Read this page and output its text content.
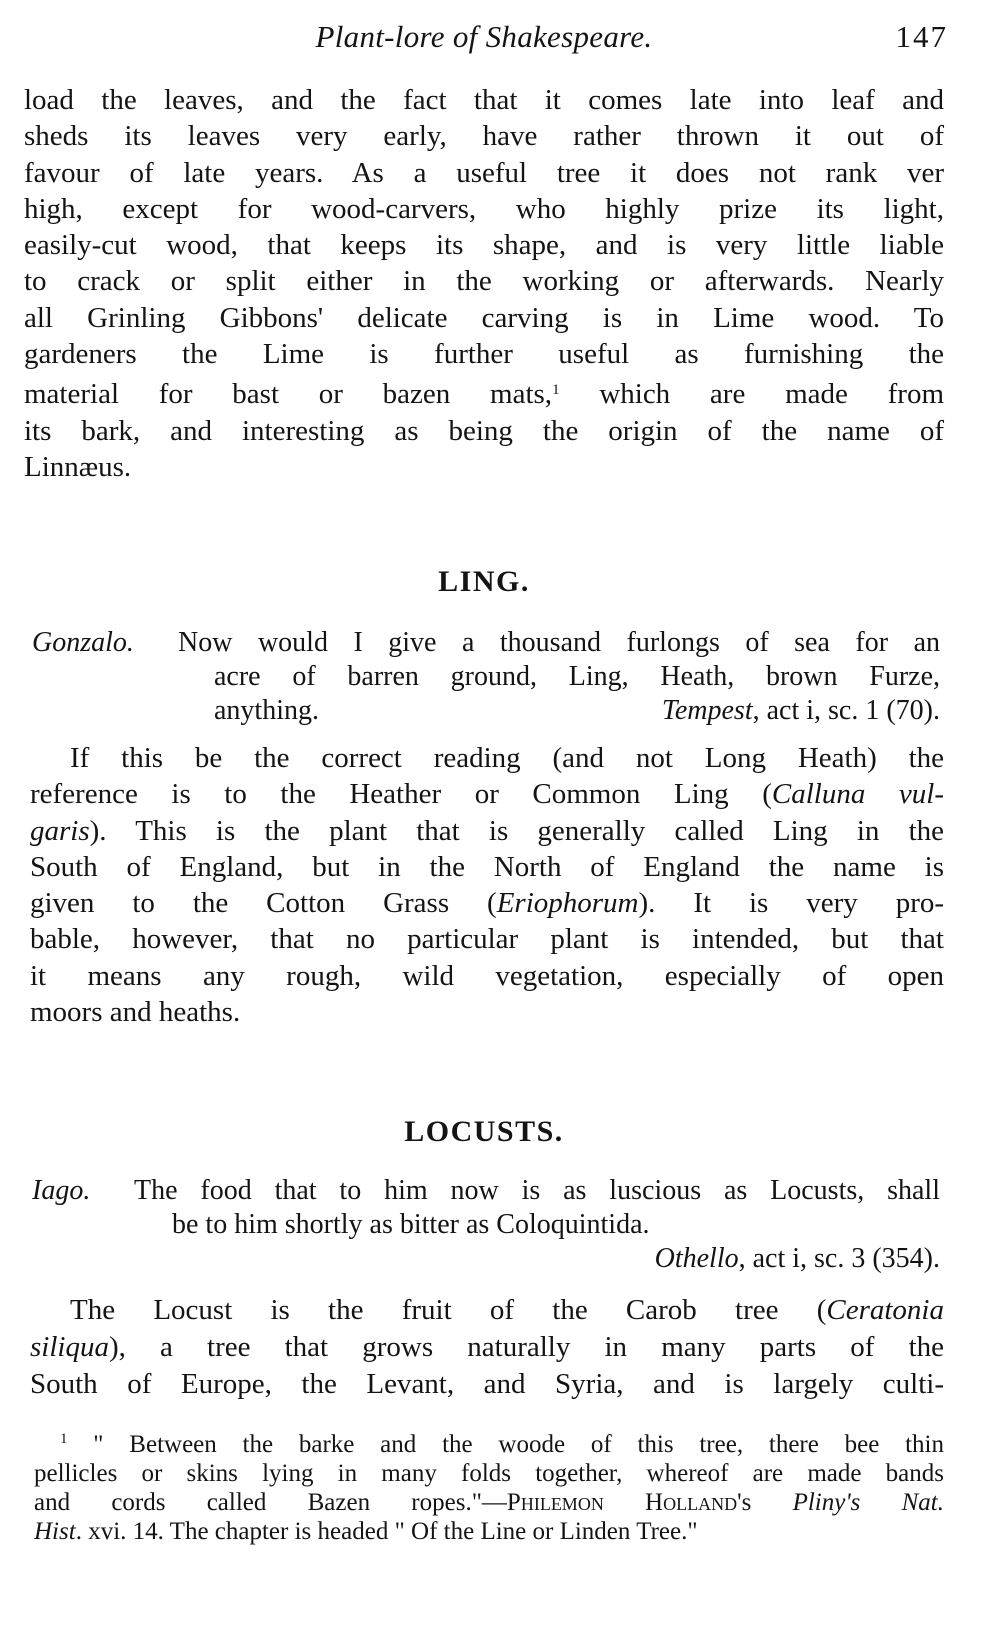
Plant-lore of Shakespeare.	147

load the leaves, and the fact that it comes late into leaf and
sheds its leaves very early, have rather thrown it out of
favour of late years. As a useful tree it does not rank ver
high, except for wood-carvers, who highly prize its light,
easily-cut wood, that keeps its shape, and is very little liable
to crack or split either in the working or afterwards. Nearly
all Grinling Gibbons' delicate carving is in Lime wood. To
gardeners the Lime is further useful as furnishing the
material for bast or bazen mats,$^1$ which are made from
its bark, and interesting as being the origin of the name of
Linnæus.

LING.
Gonzalo. Now would I give a thousand furlongs of sea for an
acre of barren ground, Ling, Heath, brown Furze,
anything.	Tempest, act i, sc. 1 (70).

If this be the correct reading (and not Long Heath) the
reference is to the Heather or Common Ling (Calluna vul-
garis). This is the plant that is generally called Ling in the
South of England, but in the North of England the name is
given to the Cotton Grass (Eriophorum). It is very pro-
bable, however, that no particular plant is intended, but that
it means any rough, wild vegetation, especially of open
moors and heaths.

LOCUSTS.
Iago. The food that to him now is as luscious as Locusts, shall
be to him shortly as bitter as Coloquintida.
Othello, act i, sc. 3 (354).

The Locust is the fruit of the Carob tree (Ceratonia
siliqua), a tree that grows naturally in many parts of the
South of Europe, the Levant, and Syria, and is largely culti-

$^1$ " Between the barke and the woode of this tree, there bee thin
pellicles or skins lying in many folds together, whereof are made bands
and cords called Bazen ropes."—Philemon Holland's Pliny's Nat.
Hist. xvi. 14. The chapter is headed " Of the Line or Linden Tree."
